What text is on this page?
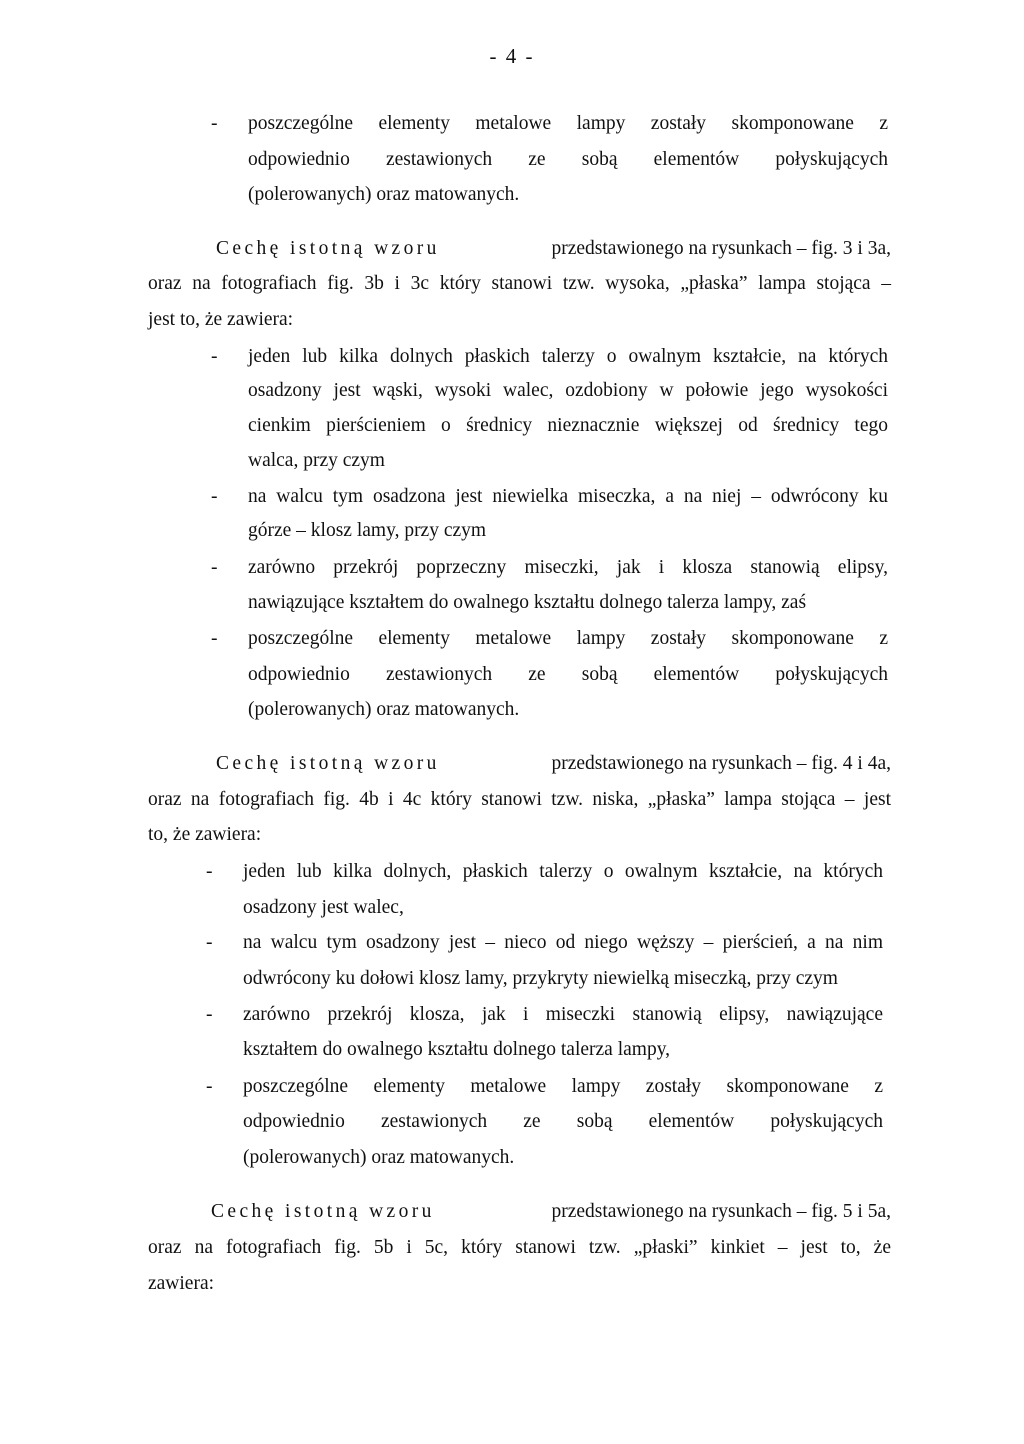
- 4 -
- poszczególne elementy metalowe lampy zostały skomponowane z
odpowiednio zestawionych ze sobą elementów połyskujących
(polerowanych) oraz matowanych.
Cechę istotną wzoru	przedstawionego na rysunkach – fig. 3 i 3a,
oraz na fotografiach fig. 3b i 3c który stanowi tzw. wysoka, „płaska” lampa stojąca –
jest to, że zawiera:
- jeden lub kilka dolnych płaskich talerzy o owalnym kształcie, na których
osadzony jest wąski, wysoki walec, ozdobiony w połowie jego wysokości
cienkim pierścieniem o średnicy nieznacznie większej od średnicy tego
walca, przy czym
- na walcu tym osadzona jest niewielka miseczka, a na niej – odwrócony ku
górze – klosz lamy, przy czym
- zarówno przekrój poprzeczny miseczki, jak i klosza stanowią elipsy,
nawiązujące kształtem do owalnego kształtu dolnego talerza lampy, zaś
- poszczególne elementy metalowe lampy zostały skomponowane z
odpowiednio zestawionych ze sobą elementów połyskujących
(polerowanych) oraz matowanych.
Cechę istotną wzoru	przedstawionego na rysunkach – fig. 4 i 4a,
oraz na fotografiach fig. 4b i 4c który stanowi tzw. niska, „płaska” lampa stojąca – jest
to, że zawiera:
- jeden lub kilka dolnych, płaskich talerzy o owalnym kształcie, na których
osadzony jest walec,
- na walcu tym osadzony jest – nieco od niego węższy – pierścień, a na nim
odwrócony ku dołowi klosz lamy, przykryty niewielką miseczką, przy czym
- zarówno przekrój klosza, jak i miseczki stanowią elipsy, nawiązujące
kształtem do owalnego kształtu dolnego talerza lampy,
- poszczególne elementy metalowe lampy zostały skomponowane z
odpowiednio zestawionych ze sobą elementów połyskujących
(polerowanych) oraz matowanych.
Cechę istotną wzoru	przedstawionego na rysunkach – fig. 5 i 5a,
oraz na fotografiach fig. 5b i 5c, który stanowi tzw. „płaski” kinkiet – jest to, że
zawiera:
